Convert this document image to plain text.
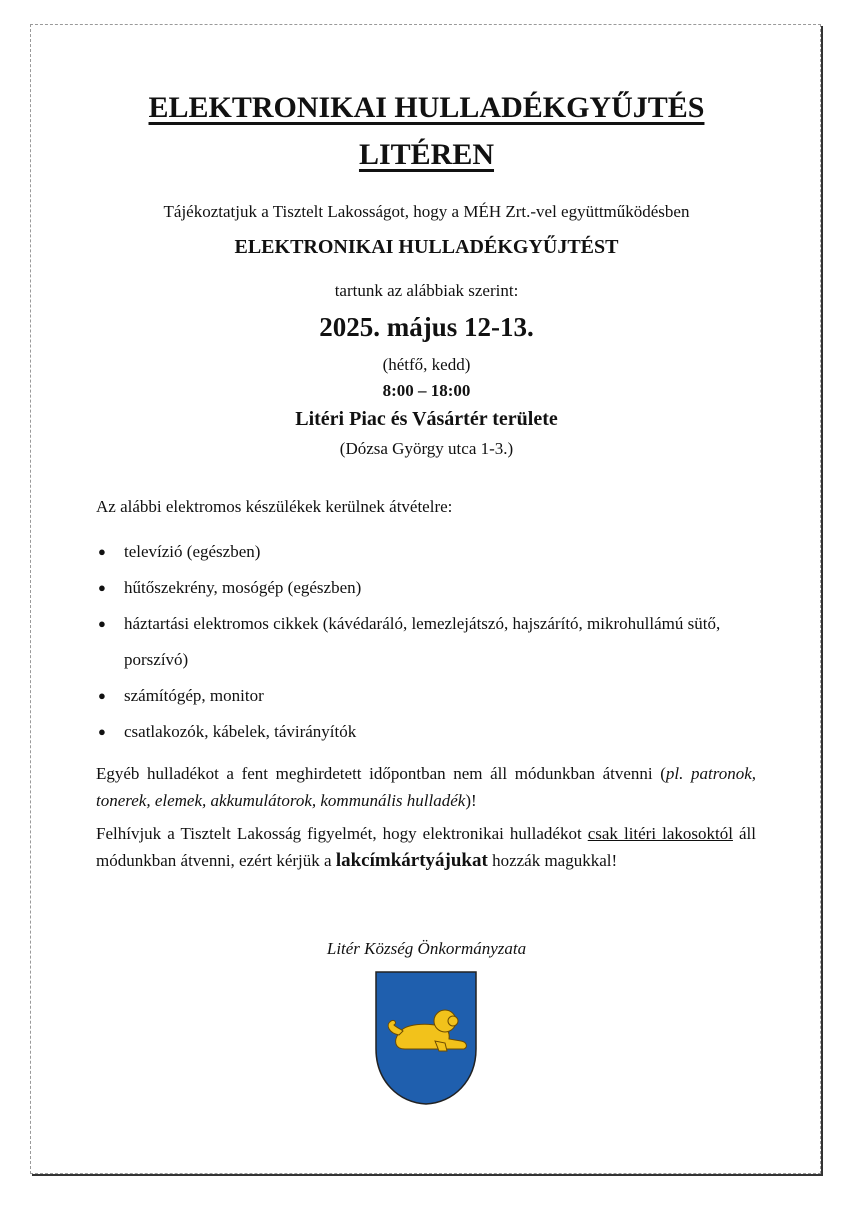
ELEKTRONIKAI HULLADÉKGYŰJTÉS
LITÉREN
Tájékoztatjuk a Tisztelt Lakosságot, hogy a MÉH Zrt.-vel együttműködésben
ELEKTRONIKAI HULLADÉKGYŰJTÉST
tartunk az alábbiak szerint:
2025. május 12-13.
(hétfő, kedd)
8:00 – 18:00
Litéri Piac és Vásártér területe
(Dózsa György utca 1-3.)
Az alábbi elektromos készülékek kerülnek átvételre:
● televízió (egészben)
● hűtőszekrény, mosógép (egészben)
● háztartási elektromos cikkek (kávédaráló, lemezlejátszó, hajszárító, mikrohullámú sütő, porszívó)
● számítógép, monitor
● csatlakozók, kábelek, távirányítók
Egyéb hulladékot a fent meghirdetett időpontban nem áll módunkban átvenni (pl. patronok, tonerek, elemek, akkumulátorok, kommunális hulladék)!
Felhívjuk a Tisztelt Lakosság figyelmét, hogy elektronikai hulladékot csak litéri lakosoktól áll módunkban átvenni, ezért kérjük a lakcímkártyájukat hozzák magukkal!
Litér Község Önkormányzata
